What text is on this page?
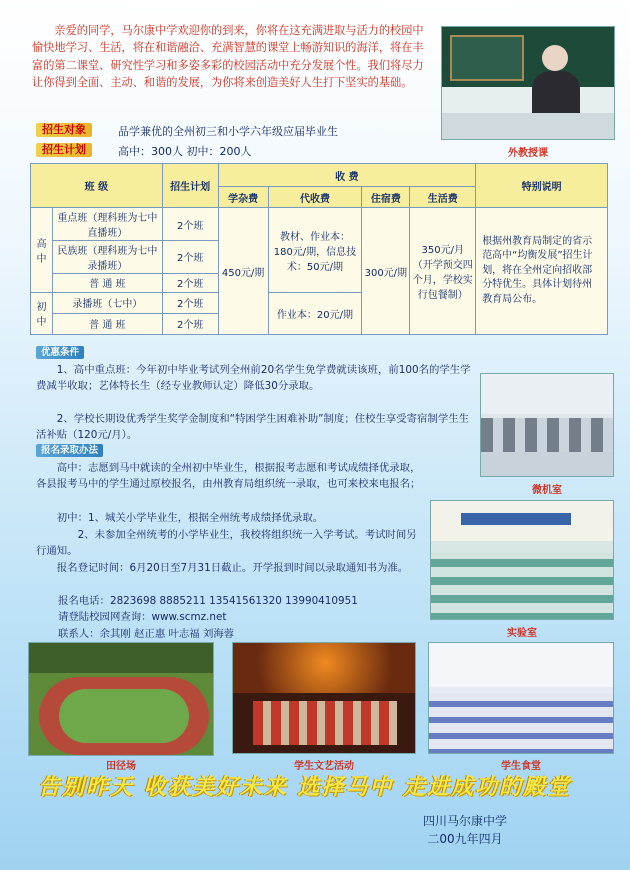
亲爱的同学，马尔康中学欢迎你的到来，你将在这充满进取与活力的校园中愉快地学习、生活，将在和谐融洽、充满智慧的课堂上畅游知识的海洋，将在丰富的第二课堂、研究性学习和多姿多彩的校园活动中充分发展个性。我们将尽力让你得到全面、主动、和谐的发展，为你将来创造美好人生打下坚实的基础。
外教授课
招生对象	品学兼优的全州初三和小学六年级应届毕业生
招生计划	高中：300人 初中：200人
班 级		招生计划	收 费				特别说明
			学杂费	代收费	住宿费	生活费	
高中	重点班（理科班为七中直播班）	2个班	450元/期	教材、作业本：180元/期，信息技术：50元/期	300元/期	350元/月（开学预交四个月，学校实行包餐制）	根据州教育局制定的省示范高中“均衡发展”招生计划，将在全州定向招收部分特优生。具体计划待州教育局公布。
	民族班（理科班为七中录播班）	2个班					
	普 通 班	2个班					
初中	录播班（七中）	2个班		作业本：20元/期			
	普 通 班	2个班					
优惠条件
1、高中重点班：今年初中毕业考试列全州前20名学生免学费就读该班，前100名的学生学费减半收取；艺体特长生（经专业教师认定）降低30分录取。
2、学校长期设优秀学生奖学金制度和“特困学生困难补助”制度；住校生享受寄宿制学生生活补贴（120元/月）。
报名录取办法
高中：志愿到马中就读的全州初中毕业生，根据报考志愿和考试成绩择优录取，各县报考马中的学生通过原校报名，由州教育局组织统一录取，也可来校来电报名；
初中：1、城关小学毕业生，根据全州统考成绩择优录取。
2、未参加全州统考的小学毕业生，我校将组织统一入学考试。考试时间另行通知。
报名登记时间：6月20日至7月31日截止。开学报到时间以录取通知书为准。
报名电话：2823698 8885211 13541561320 13990410951
请登陆校园网查询：www.scmz.net
联系人：余其刚 赵正惠 叶志福 刘海蓉
微机室
实验室
田径场	学生文艺活动	学生食堂
告别昨天 收获美好未来 选择马中 走进成功的殿堂
四川马尔康中学
二00九年四月
